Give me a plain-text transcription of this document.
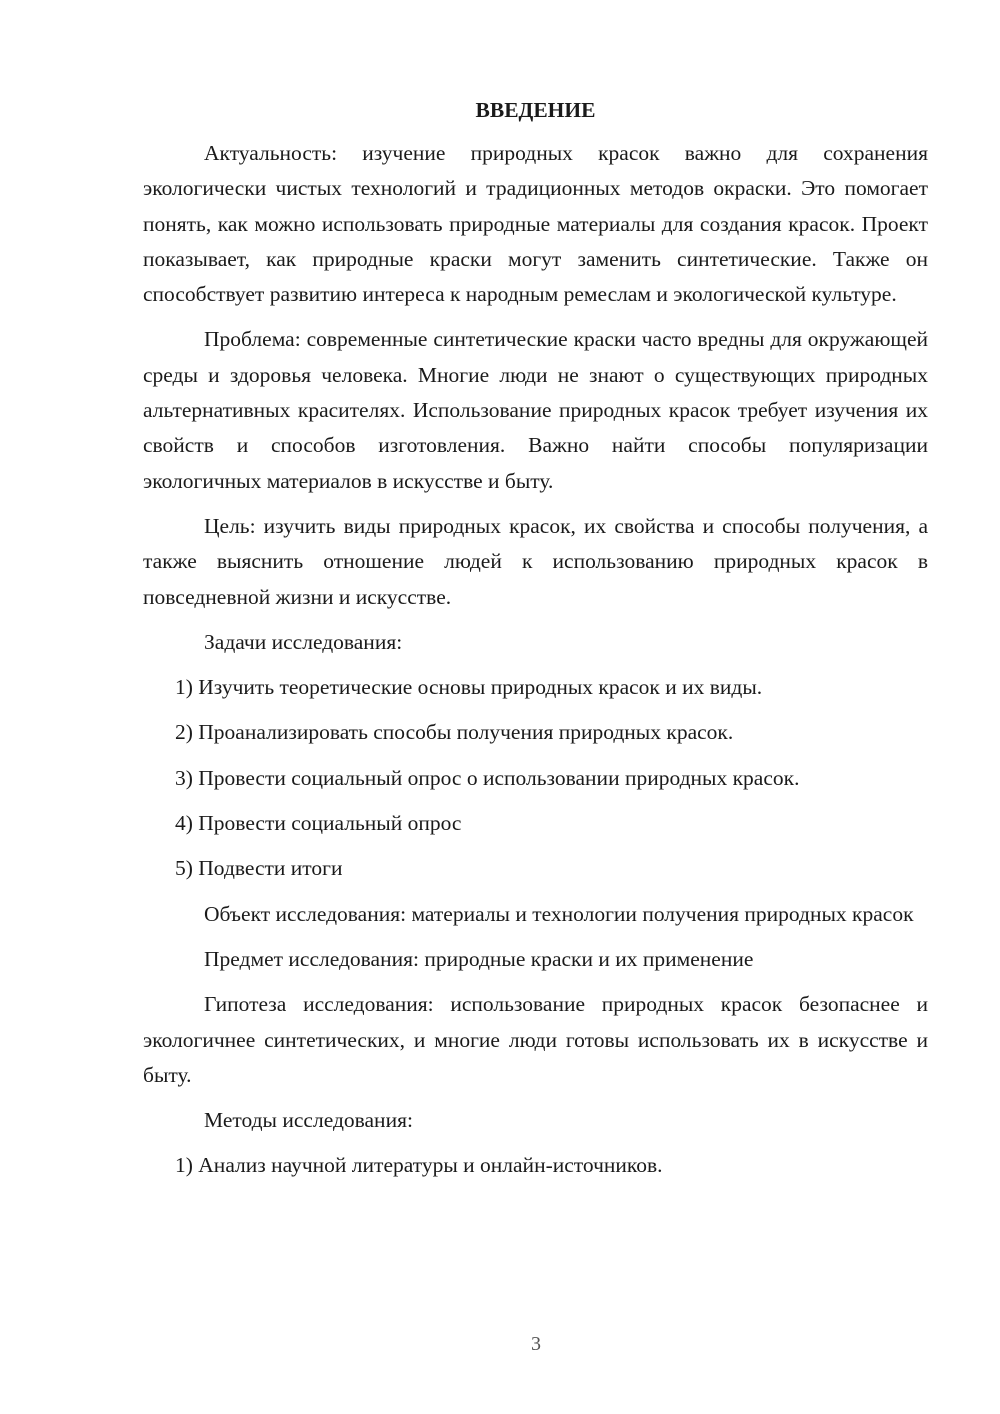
ВВЕДЕНИЕ

Актуальность: изучение природных красок важно для сохранения экологически чистых технологий и традиционных методов окраски. Это помогает понять, как можно использовать природные материалы для создания красок. Проект показывает, как природные краски могут заменить синтетические. Также он способствует развитию интереса к народным ремеслам и экологической культуре.

Проблема: современные синтетические краски часто вредны для окружающей среды и здоровья человека. Многие люди не знают о существующих природных альтернативных красителях. Использование природных красок требует изучения их свойств и способов изготовления. Важно найти способы популяризации экологичных материалов в искусстве и быту.

Цель: изучить виды природных красок, их свойства и способы получения, а также выяснить отношение людей к использованию природных красок в повседневной жизни и искусстве.

Задачи исследования:

1) Изучить теоретические основы природных красок и их виды.

2) Проанализировать способы получения природных красок.

3) Провести социальный опрос о использовании природных красок.

4) Провести социальный опрос

5) Подвести итоги

Объект исследования: материалы и технологии получения природных красок

Предмет исследования: природные краски и их применение

Гипотеза исследования: использование природных красок безопаснее и экологичнее синтетических, и многие люди готовы использовать их в искусстве и быту.

Методы исследования:

1) Анализ научной литературы и онлайн-источников.

3
